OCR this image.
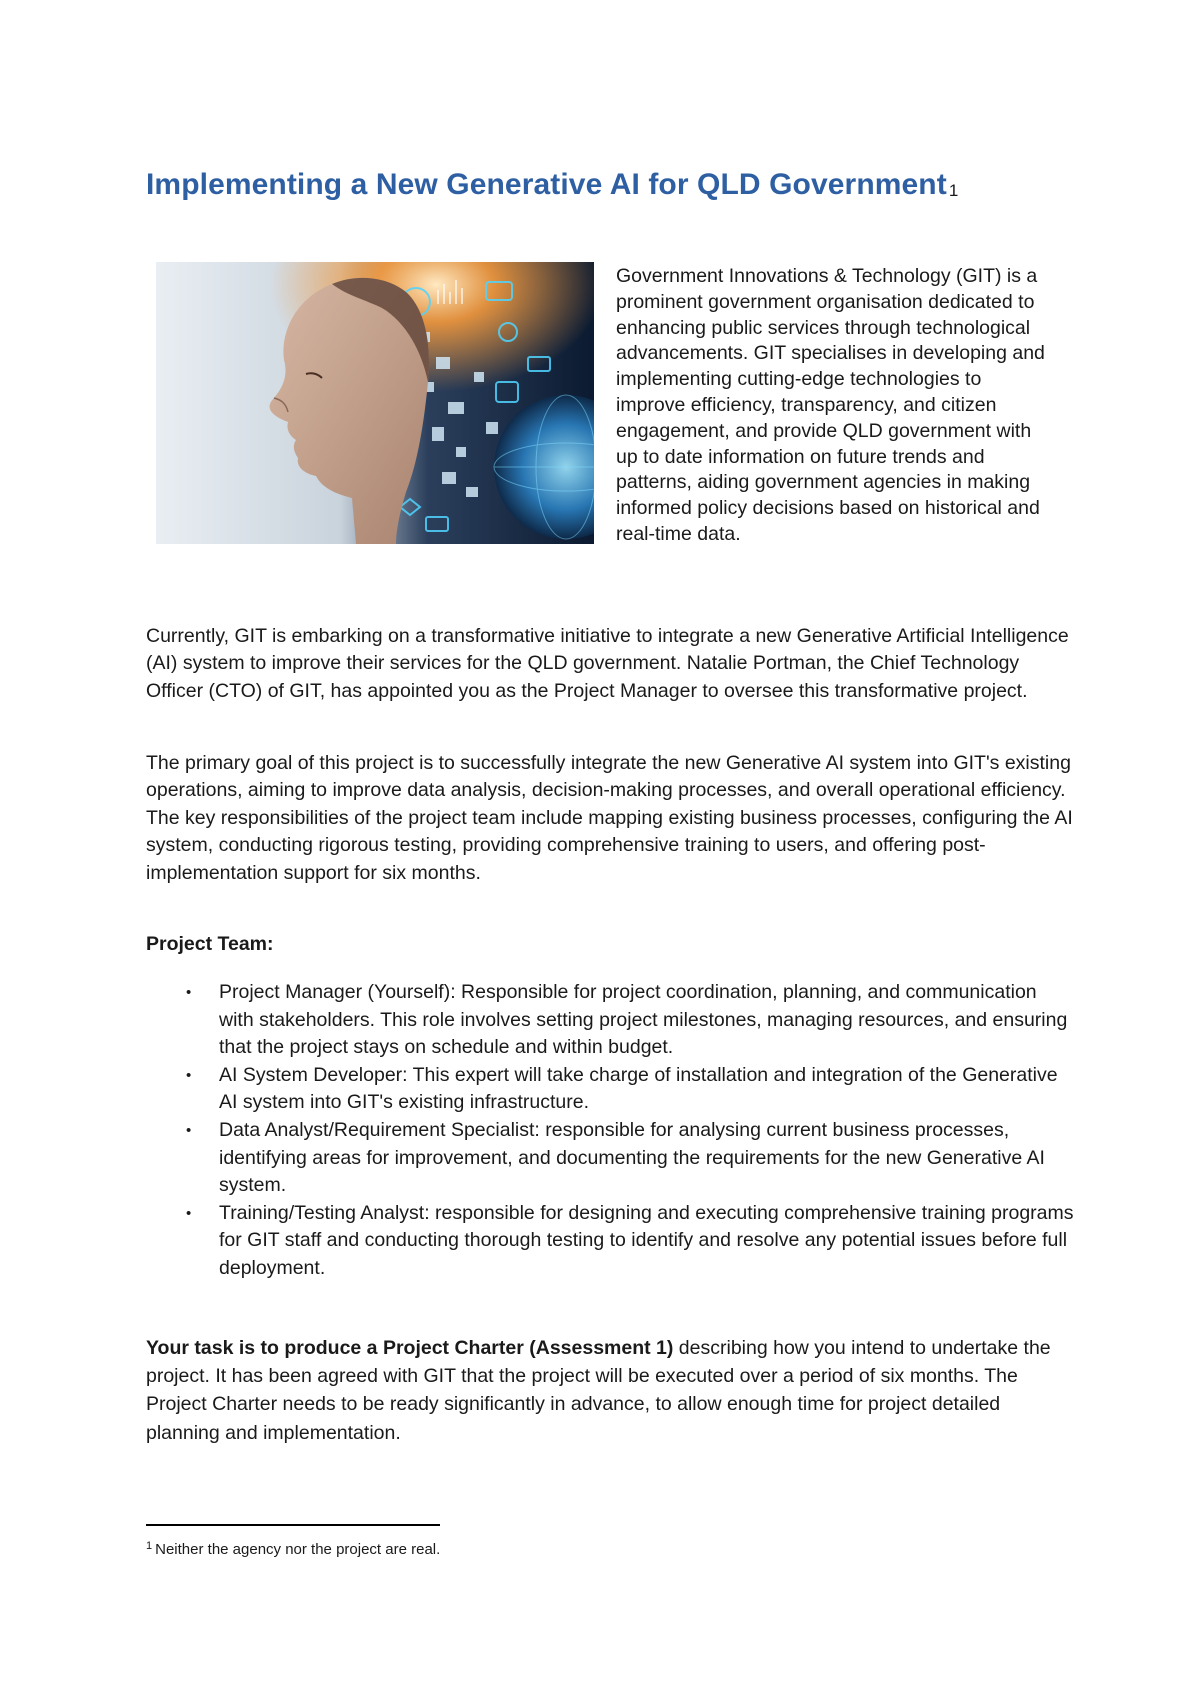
Implementing a New Generative AI for QLD Government $^1$

Government Innovations & Technology (GIT) is a prominent government organisation dedicated to enhancing public services through technological advancements. GIT specialises in developing and implementing cutting-edge technologies to improve efficiency, transparency, and citizen engagement, and provide QLD government with up to date information on future trends and patterns, aiding government agencies in making informed policy decisions based on historical and real-time data.

Currently, GIT is embarking on a transformative initiative to integrate a new Generative Artificial Intelligence (AI) system to improve their services for the QLD government. Natalie Portman, the Chief Technology Officer (CTO) of GIT, has appointed you as the Project Manager to oversee this transformative project.

The primary goal of this project is to successfully integrate the new Generative AI system into GIT's existing operations, aiming to improve data analysis, decision-making processes, and overall operational efficiency. The key responsibilities of the project team include mapping existing business processes, configuring the AI system, conducting rigorous testing, providing comprehensive training to users, and offering post-implementation support for six months.

Project Team:

• Project Manager (Yourself): Responsible for project coordination, planning, and communication with stakeholders. This role involves setting project milestones, managing resources, and ensuring that the project stays on schedule and within budget.
• AI System Developer: This expert will take charge of installation and integration of the Generative AI system into GIT's existing infrastructure.
• Data Analyst/Requirement Specialist: responsible for analysing current business processes, identifying areas for improvement, and documenting the requirements for the new Generative AI system.
• Training/Testing Analyst: responsible for designing and executing comprehensive training programs for GIT staff and conducting thorough testing to identify and resolve any potential issues before full deployment.

Your task is to produce a Project Charter (Assessment 1) describing how you intend to undertake the project. It has been agreed with GIT that the project will be executed over a period of six months. The Project Charter needs to be ready significantly in advance, to allow enough time for project detailed planning and implementation.

$^1$ Neither the agency nor the project are real.
